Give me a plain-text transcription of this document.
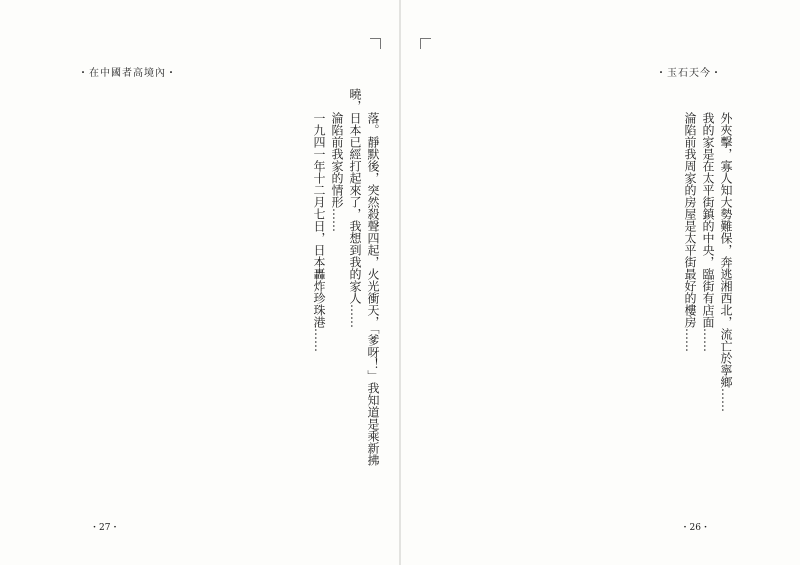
・在中國者高境內・	・玉石天今・

落。靜默後，突然殺聲四起，火光衝天，「爹呀！」我知道是乘新拂曉，日本已經打起來了，我想到我的家人……

淪陷前我家的情形……

一九四一年十二月七日，日本轟炸珍珠港……	外夾擊，寡人知大勢難保，奔逃湘西北，流亡於寧鄉……

我的家是在太平街鎮的中央，臨街有店面……

淪陷前我周家的房屋是太平街最好的樓房……

・27・	・26・
